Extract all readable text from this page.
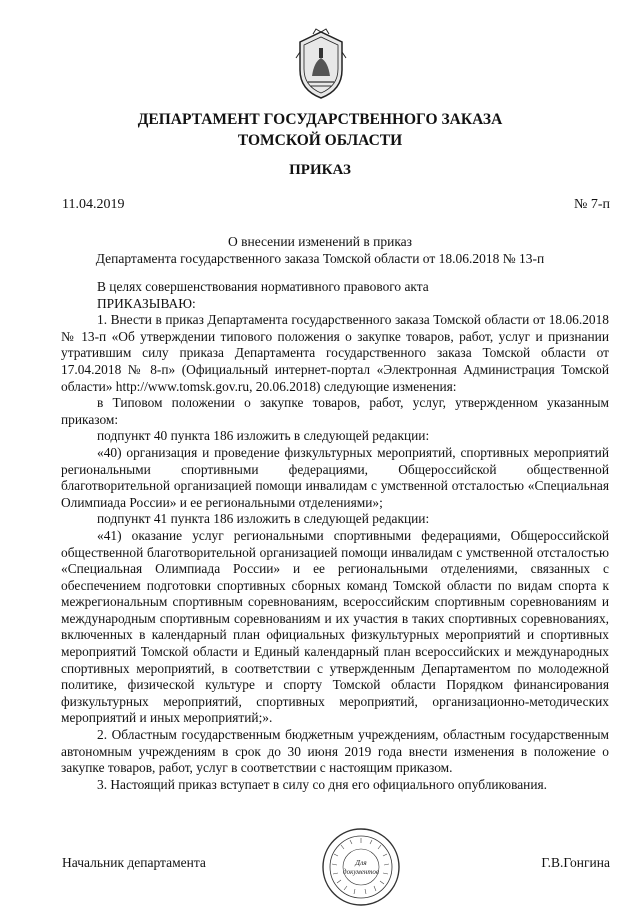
ДЕПАРТАМЕНТ ГОСУДАРСТВЕННОГО ЗАКАЗА
ТОМСКОЙ ОБЛАСТИ
ПРИКАЗ
11.04.2019	№ 7-п
О внесении изменений в приказ
Департамента государственного заказа Томской области от 18.06.2018 № 13-п

В целях совершенствования нормативного правового акта

ПРИКАЗЫВАЮ:

1. Внести в приказ Департамента государственного заказа Томской области от 18.06.2018 № 13-п «Об утверждении типового положения о закупке товаров, работ, услуг и признании утратившим силу приказа Департамента государственного заказа Томской области от 17.04.2018 № 8-п» (Официальный интернет-портал «Электронная Администрация Томской области» http://www.tomsk.gov.ru, 20.06.2018) следующие изменения:

в Типовом положении о закупке товаров, работ, услуг, утвержденном указанным приказом:

подпункт 40 пункта 186 изложить в следующей редакции:

«40) организация и проведение физкультурных мероприятий, спортивных мероприятий региональными спортивными федерациями, Общероссийской общественной благотворительной организацией помощи инвалидам с умственной отсталостью «Специальная Олимпиада России» и ее региональными отделениями»;

подпункт 41 пункта 186 изложить в следующей редакции:

«41) оказание услуг региональными спортивными федерациями, Общероссийской общественной благотворительной организацией помощи инвалидам с умственной отсталостью «Специальная Олимпиада России» и ее региональными отделениями, связанных с обеспечением подготовки спортивных сборных команд Томской области по видам спорта к межрегиональным спортивным соревнованиям, всероссийским спортивным соревнованиям и международным спортивным соревнованиям и их участия в таких спортивных соревнованиях, включенных в календарный план официальных физкультурных мероприятий и спортивных мероприятий Томской области и Единый календарный план всероссийских и международных спортивных мероприятий, в соответствии с утвержденным Департаментом по молодежной политике, физической культуре и спорту Томской области Порядком финансирования физкультурных мероприятий, спортивных мероприятий, организационно-методических мероприятий и иных мероприятий;».

2. Областным государственным бюджетным учреждениям, областным государственным автономным учреждениям в срок до 30 июня 2019 года внести изменения в положение о закупке товаров, работ, услуг в соответствии с настоящим приказом.

3. Настоящий приказ вступает в силу со дня его официального опубликования.

Начальник департамента	Г.В.Гонгина
Для
документов
